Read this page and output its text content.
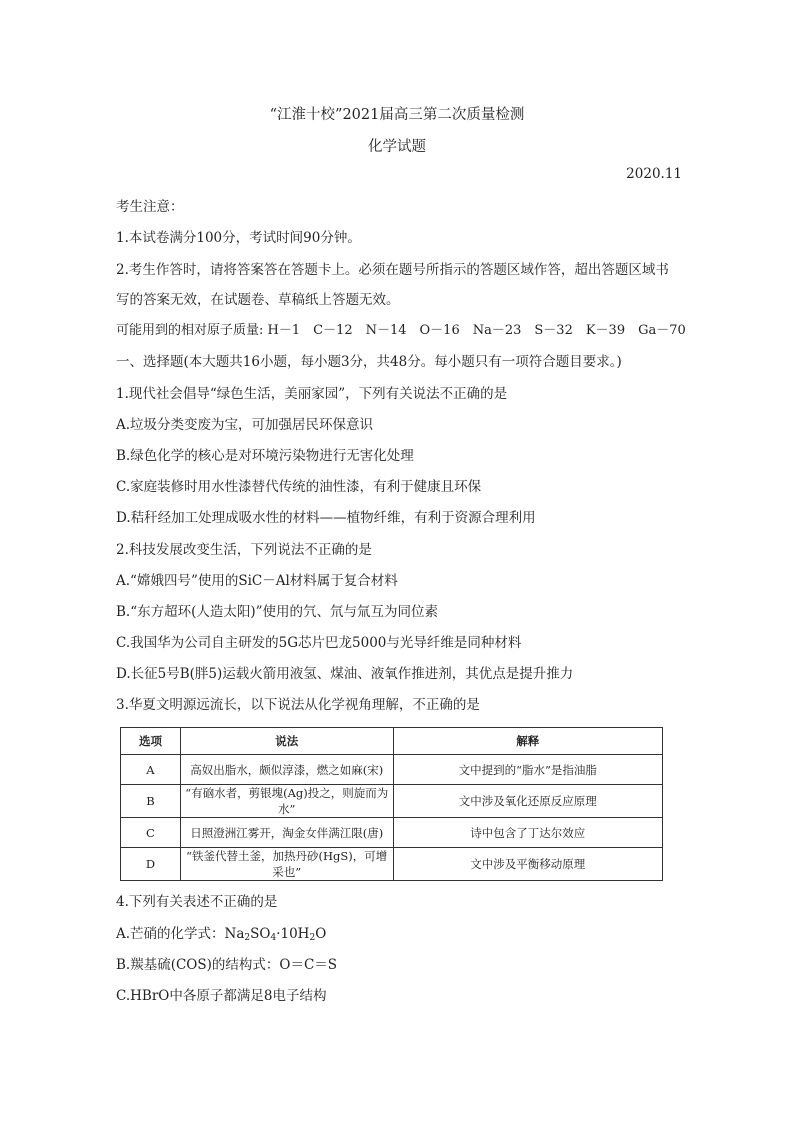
“江淮十校”2021届高三第二次质量检测
化学试题
2020.11
考生注意：
1.本试卷满分100分，考试时间90分钟。
2.考生作答时，请将答案答在答题卡上。必须在题号所指示的答题区域作答，超出答题区域书
写的答案无效，在试题卷、草稿纸上答题无效。
可能用到的相对原子质量: H－1　C－12　N－14　O－16　Na－23　S－32　K－39　Ga－70
一、选择题(本大题共16小题，每小题3分，共48分。每小题只有一项符合题目要求。)
1.现代社会倡导“绿色生活，美丽家园”，下列有关说法不正确的是
A.垃圾分类变废为宝，可加强居民环保意识
B.绿色化学的核心是对环境污染物进行无害化处理
C.家庭装修时用水性漆替代传统的油性漆，有利于健康且环保
D.秸秆经加工处理成吸水性的材料——植物纤维，有利于资源合理利用
2.科技发展改变生活，下列说法不正确的是
A.“嫦娥四号”使用的SiC－Al材料属于复合材料
B.“东方超环(人造太阳)”使用的氕、氘与氚互为同位素
C.我国华为公司自主研发的5G芯片巴龙5000与光导纤维是同种材料
D.长征5号B(胖5)运载火箭用液氢、煤油、液氧作推进剂，其优点是提升推力
3.华夏文明源远流长，以下说法从化学视角理解，不正确的是
选项	说法	解释
A	高奴出脂水，颇似淳漆，燃之如麻(宋)	文中提到的“脂水”是指油脂
B	“有硇水者，剪银塊(Ag)投之，则旋而为水”	文中涉及氧化还原反应原理
C	日照澄洲江雾开，淘金女伴满江限(唐)	诗中包含了丁达尔效应
D	“铁釜代替土釜，加热丹砂(HgS)，可增采也”	文中涉及平衡移动原理
4.下列有关表述不正确的是
A.芒硝的化学式：$Na_2SO_4\cdot 10H_2O$
B.羰基硫(COS)的结构式：O＝C＝S
C.HBrO中各原子都满足8电子结构
